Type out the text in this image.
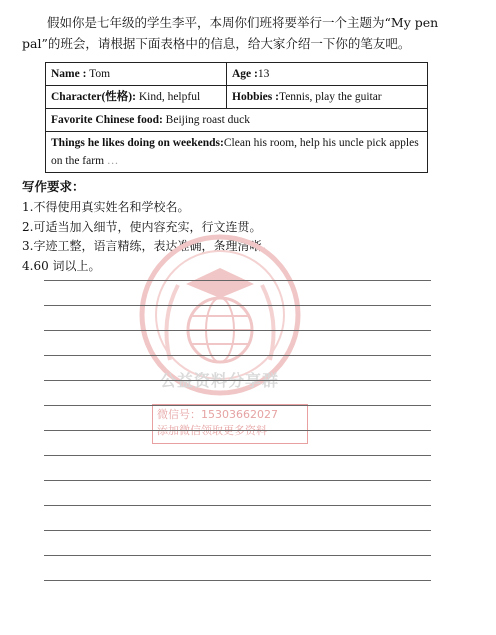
假如你是七年级的学生李平，本周你们班将要举行一个主题为“My pen pal”的班会，请根据下面表格中的信息，给大家介绍一下你的笔友吧。

Name : Tom	Age :13
Character(性格): Kind, helpful	Hobbies :Tennis, play the guitar
Favorite Chinese food: Beijing roast duck	
Things he likes doing on weekends:Clean his room, help his uncle pick apples on the farm …	

写作要求：

1.不得使用真实姓名和学校名。
2.可适当加入细节，使内容充实，行文连贯。
3.字迹工整，语言精练，表达准确，条理清晰。
4.60 词以上。
公益资料分享群
微信号：15303662027
添加微信领取更多资料
